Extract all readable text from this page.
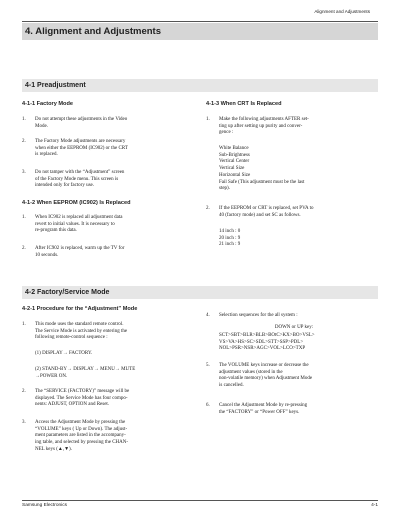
Alignment and Adjustments
4. Alignment and Adjustments
4-1 Preadjustment
4-1-1 Factory Mode
1. Do not attempt these adjustments in the Video
Mode.
2. The Factory Mode adjustments are necessary
when either the EEPROM (IC902) or the CRT
is replaced.
3. Do not tamper with the “Adjustment” screen
of the Factory Mode menu. This screen is
intended only for factory use.
4-1-2 When EEPROM (IC902) Is Replaced
1. When IC902 is replaced all adjustment data
revert to initial values. It is necessary to
re-program this data.
2. After IC902 is replaced, warm up the TV for
10 seconds.
4-1-3 When CRT Is Replaced
1. Make the following adjustments AFTER set-
ting up after setting up purity and conver-
gence :
White Balance
Sub-Brightness
Vertical Center
Vertical Size
Horizontal Size
Fail Safe (This adjustment must be the last
step).
2. If the EEPROM or CRT is replaced, set PVA to
40 (factory mode) and set SC as follows.
14 inch : 0
20 inch : 9
21 inch : 9
4-2 Factory/Service Mode
4-2-1 Procedure for the “Adjustment” Mode
1. This mode uses the standard remote control.
The Service Mode is activated by entering the
following remote-control sequence :
(1) DISPLAY→ FACTORY.
(2) STAND-BY→ DISPLAY→ MENU→ MUTE
→POWER ON.
2. The “SERVICE (FACTORY)” message will be
displayed. The Service Mode has four compo-
nents: ADJUST, OPTION and Reset.
3. Access the Adjustment Mode by pressing the
“VOLUME” keys ( Up or Down). The adjust-
ment parameters are listed in the accompany-
ing table, and selected by pressing the CHAN-
NEL keys (▲,▼).
4. Selection sequences for the all system :
DOWN or UP key:
SCT>SBT>BLR>BLB>BOtC>KX>BO>VSL>
VS>VA>HS>SC>SDL>STT>SSP>PDL>
NOL>PSR>NSR>AGC>VOL>LCO>TXP
5. The VOLUME keys increase or decrease the
adjustment values (stored in the
non-volatile memory) when Adjustment Mode
is cancelled.
6. Cancel the Adjustment Mode by re-pressing
the “FACTORY” or “Power OFF” keys.
Samsung Electronics	4-1
